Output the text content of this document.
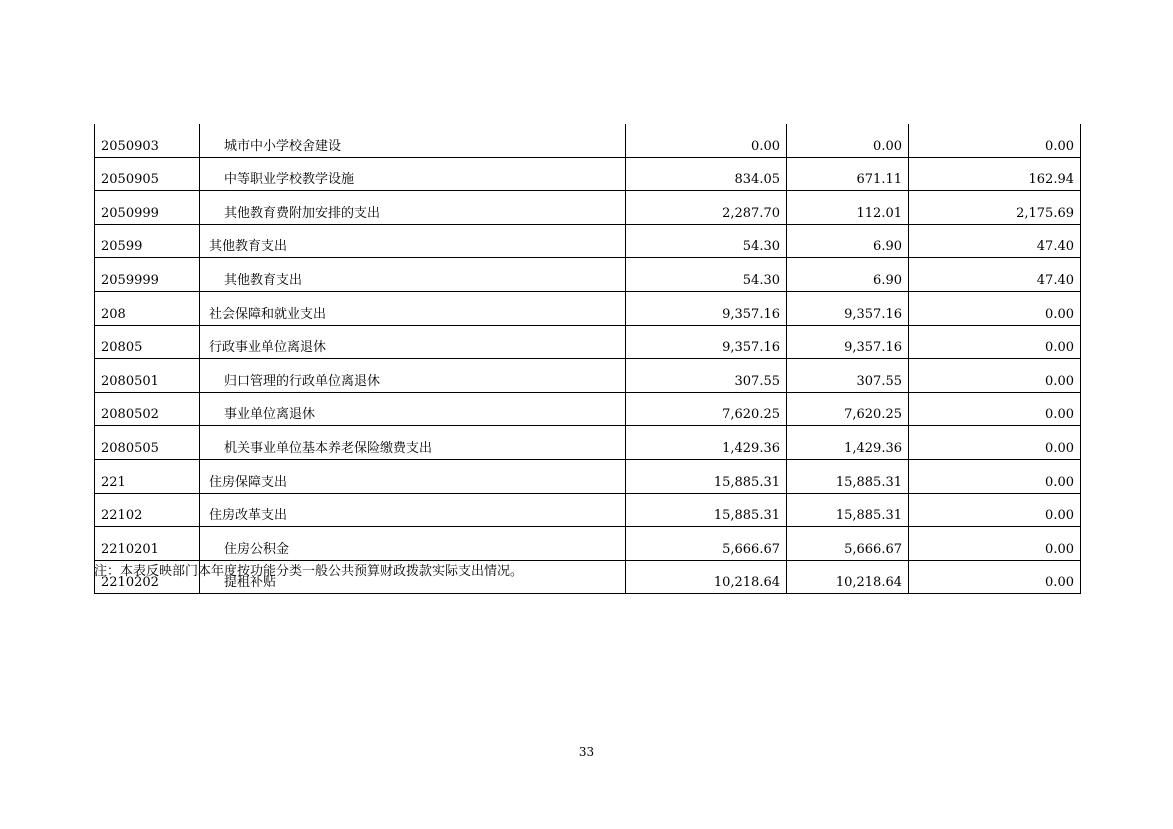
2050903	城市中小学校舍建设	0.00	0.00	0.00
2050905	中等职业学校教学设施	834.05	671.11	162.94
2050999	其他教育费附加安排的支出	2,287.70	112.01	2,175.69
20599	其他教育支出	54.30	6.90	47.40
2059999	其他教育支出	54.30	6.90	47.40
208	社会保障和就业支出	9,357.16	9,357.16	0.00
20805	行政事业单位离退休	9,357.16	9,357.16	0.00
2080501	归口管理的行政单位离退休	307.55	307.55	0.00
2080502	事业单位离退休	7,620.25	7,620.25	0.00
2080505	机关事业单位基本养老保险缴费支出	1,429.36	1,429.36	0.00
221	住房保障支出	15,885.31	15,885.31	0.00
22102	住房改革支出	15,885.31	15,885.31	0.00
2210201	住房公积金	5,666.67	5,666.67	0.00
2210202	提租补贴	10,218.64	10,218.64	0.00
注：本表反映部门本年度按功能分类一般公共预算财政拨款实际支出情况。
33
